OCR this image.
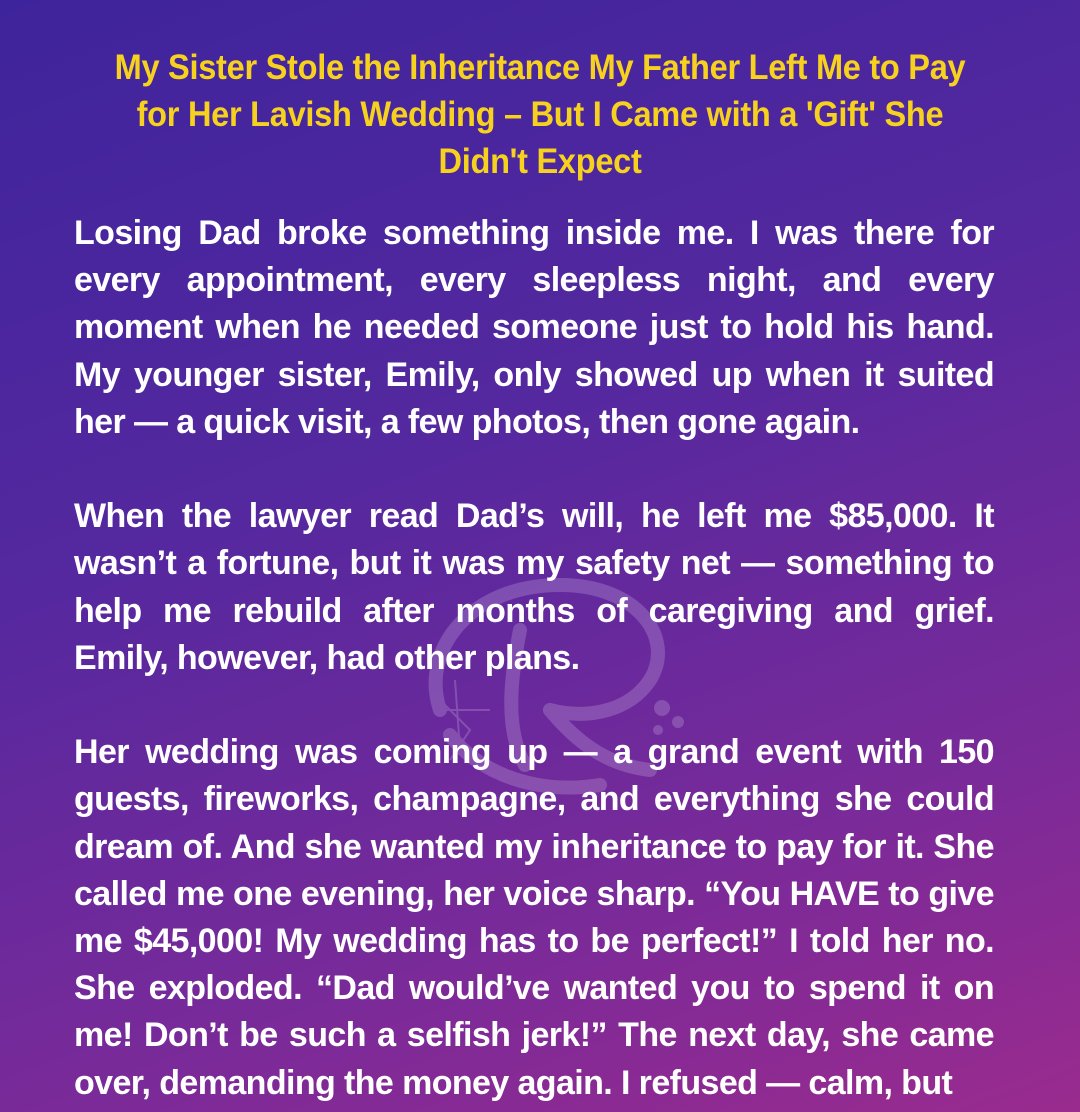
My Sister Stole the Inheritance My Father Left Me to Pay for Her Lavish Wedding – But I Came with a 'Gift' She Didn't Expect

Losing Dad broke something inside me. I was there for every appointment, every sleepless night, and every moment when he needed someone just to hold his hand. My younger sister, Emily, only showed up when it suited her — a quick visit, a few photos, then gone again.

When the lawyer read Dad’s will, he left me $85,000. It wasn’t a fortune, but it was my safety net — something to help me rebuild after months of caregiving and grief. Emily, however, had other plans.

Her wedding was coming up — a grand event with 150 guests, fireworks, champagne, and everything she could dream of. And she wanted my inheritance to pay for it. She called me one evening, her voice sharp. “You HAVE to give me $45,000! My wedding has to be perfect!” I told her no. She exploded. “Dad would’ve wanted you to spend it on me! Don’t be such a selfish jerk!” The next day, she came over, demanding the money again. I refused — calm, but
